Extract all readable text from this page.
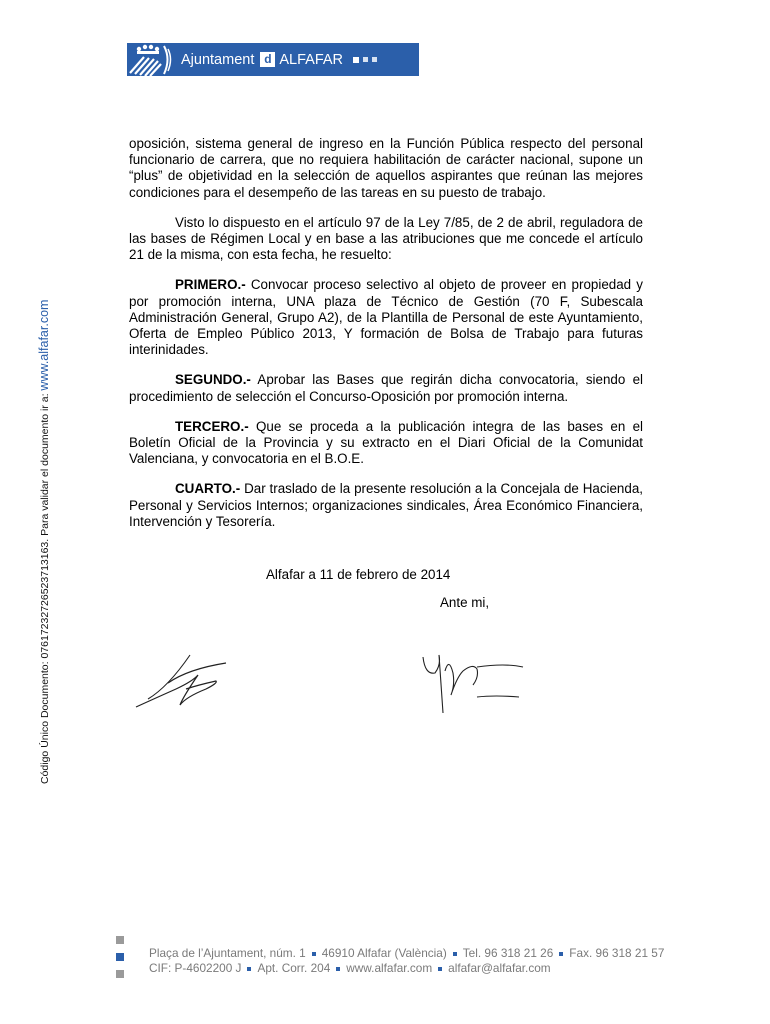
Ajuntament d ALFAFAR
Código Único Documento: 07617232726523713163. Para validar el documento ir a: www.alfafar.com

oposición, sistema general de ingreso en la Función Pública respecto del personal funcionario de carrera, que no requiera habilitación de carácter nacional, supone un “plus” de objetividad en la selección de aquellos aspirantes que reúnan las mejores condiciones para el desempeño de las tareas en su puesto de trabajo.

Visto lo dispuesto en el artículo 97 de la Ley 7/85, de 2 de abril, reguladora de las bases de Régimen Local y en base a las atribuciones que me concede el artículo 21 de la misma, con esta fecha, he resuelto:

PRIMERO.- Convocar proceso selectivo al objeto de proveer en propiedad y por promoción interna, UNA plaza de Técnico de Gestión (70 F, Subescala Administración General, Grupo A2), de la Plantilla de Personal de este Ayuntamiento, Oferta de Empleo Público 2013, Y formación de Bolsa de Trabajo para futuras interinidades.

SEGUNDO.- Aprobar las Bases que regirán dicha convocatoria, siendo el procedimiento de selección el Concurso-Oposición por promoción interna.

TERCERO.- Que se proceda a la publicación integra de las bases en el Boletín Oficial de la Provincia y su extracto en el Diari Oficial de la Comunidat Valenciana, y convocatoria en el B.O.E.

CUARTO.- Dar traslado de la presente resolución a la Concejala de Hacienda, Personal y Servicios Internos; organizaciones sindicales, Área Económico Financiera, Intervención y Tesorería.

Alfafar a 11 de febrero de 2014
Ante mi,
Plaça de l’Ajuntament, núm. 1 46910 Alfafar (València) Tel. 96 318 21 26 Fax. 96 318 21 57
CIF: P-4602200 J Apt. Corr. 204 www.alfafar.com alfafar@alfafar.com
